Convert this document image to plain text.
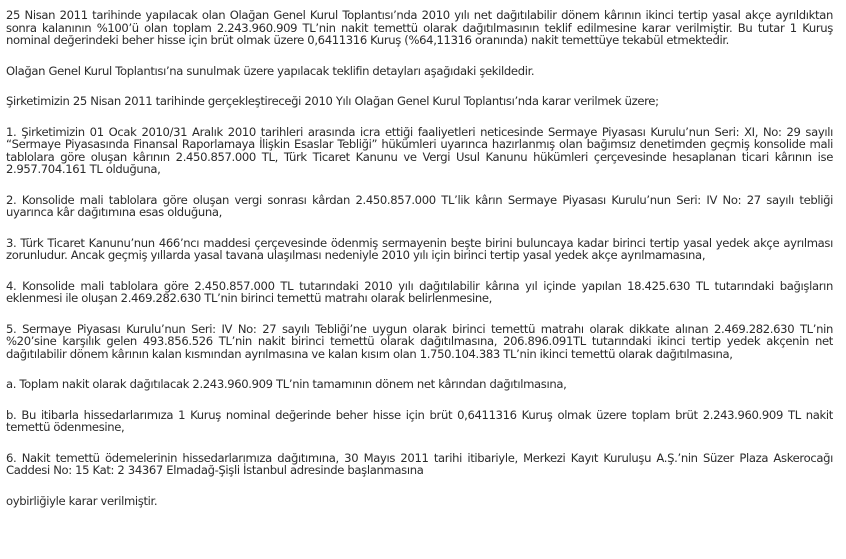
25 Nisan 2011 tarihinde yapılacak olan Olağan Genel Kurul Toplantısı’nda 2010 yılı net dağıtılabilir dönem kârının ikinci tertip yasal akçe ayrıldıktan sonra kalanının %100’ü olan toplam 2.243.960.909 TL’nin nakit temettü olarak dağıtılmasının teklif edilmesine karar verilmiştir. Bu tutar 1 Kuruş nominal değerindeki beher hisse için brüt olmak üzere 0,6411316 Kuruş (%64,11316 oranında) nakit temettüye tekabül etmektedir.

Olağan Genel Kurul Toplantısı’na sunulmak üzere yapılacak teklifin detayları aşağıdaki şekildedir.

Şirketimizin 25 Nisan 2011 tarihinde gerçekleştireceği 2010 Yılı Olağan Genel Kurul Toplantısı’nda karar verilmek üzere;

1. Şirketimizin 01 Ocak 2010/31 Aralık 2010 tarihleri arasında icra ettiği faaliyetleri neticesinde Sermaye Piyasası Kurulu’nun Seri: XI, No: 29 sayılı “Sermaye Piyasasında Finansal Raporlamaya İlişkin Esaslar Tebliği” hükümleri uyarınca hazırlanmış olan bağımsız denetimden geçmiş konsolide mali tablolara göre oluşan kârının 2.450.857.000 TL, Türk Ticaret Kanunu ve Vergi Usul Kanunu hükümleri çerçevesinde hesaplanan ticari kârının ise 2.957.704.161 TL olduğuna,

2. Konsolide mali tablolara göre oluşan vergi sonrası kârdan 2.450.857.000 TL’lik kârın Sermaye Piyasası Kurulu’nun Seri: IV No: 27 sayılı tebliği uyarınca kâr dağıtımına esas olduğuna,

3. Türk Ticaret Kanunu’nun 466’ncı maddesi çerçevesinde ödenmiş sermayenin beşte birini buluncaya kadar birinci tertip yasal yedek akçe ayrılması zorunludur. Ancak geçmiş yıllarda yasal tavana ulaşılması nedeniyle 2010 yılı için birinci tertip yasal yedek akçe ayrılmamasına,

4. Konsolide mali tablolara göre 2.450.857.000 TL tutarındaki 2010 yılı dağıtılabilir kârına yıl içinde yapılan 18.425.630 TL tutarındaki bağışların eklenmesi ile oluşan 2.469.282.630 TL’nin birinci temettü matrahı olarak belirlenmesine,

5. Sermaye Piyasası Kurulu’nun Seri: IV No: 27 sayılı Tebliği’ne uygun olarak birinci temettü matrahı olarak dikkate alınan 2.469.282.630 TL’nin %20’sine karşılık gelen 493.856.526 TL’nin nakit birinci temettü olarak dağıtılmasına, 206.896.091TL tutarındaki ikinci tertip yedek akçenin net dağıtılabilir dönem kârının kalan kısmından ayrılmasına ve kalan kısım olan 1.750.104.383 TL’nin ikinci temettü olarak dağıtılmasına,

a. Toplam nakit olarak dağıtılacak 2.243.960.909 TL’nin tamamının dönem net kârından dağıtılmasına,

b. Bu itibarla hissedarlarımıza 1 Kuruş nominal değerinde beher hisse için brüt 0,6411316 Kuruş olmak üzere toplam brüt 2.243.960.909 TL nakit temettü ödenmesine,

6. Nakit temettü ödemelerinin hissedarlarımıza dağıtımına, 30 Mayıs 2011 tarihi itibariyle, Merkezi Kayıt Kuruluşu A.Ş.’nin Süzer Plaza Askerocağı Caddesi No: 15 Kat: 2 34367 Elmadağ-Şişli İstanbul adresinde başlanmasına

oybirliğiyle karar verilmiştir.
